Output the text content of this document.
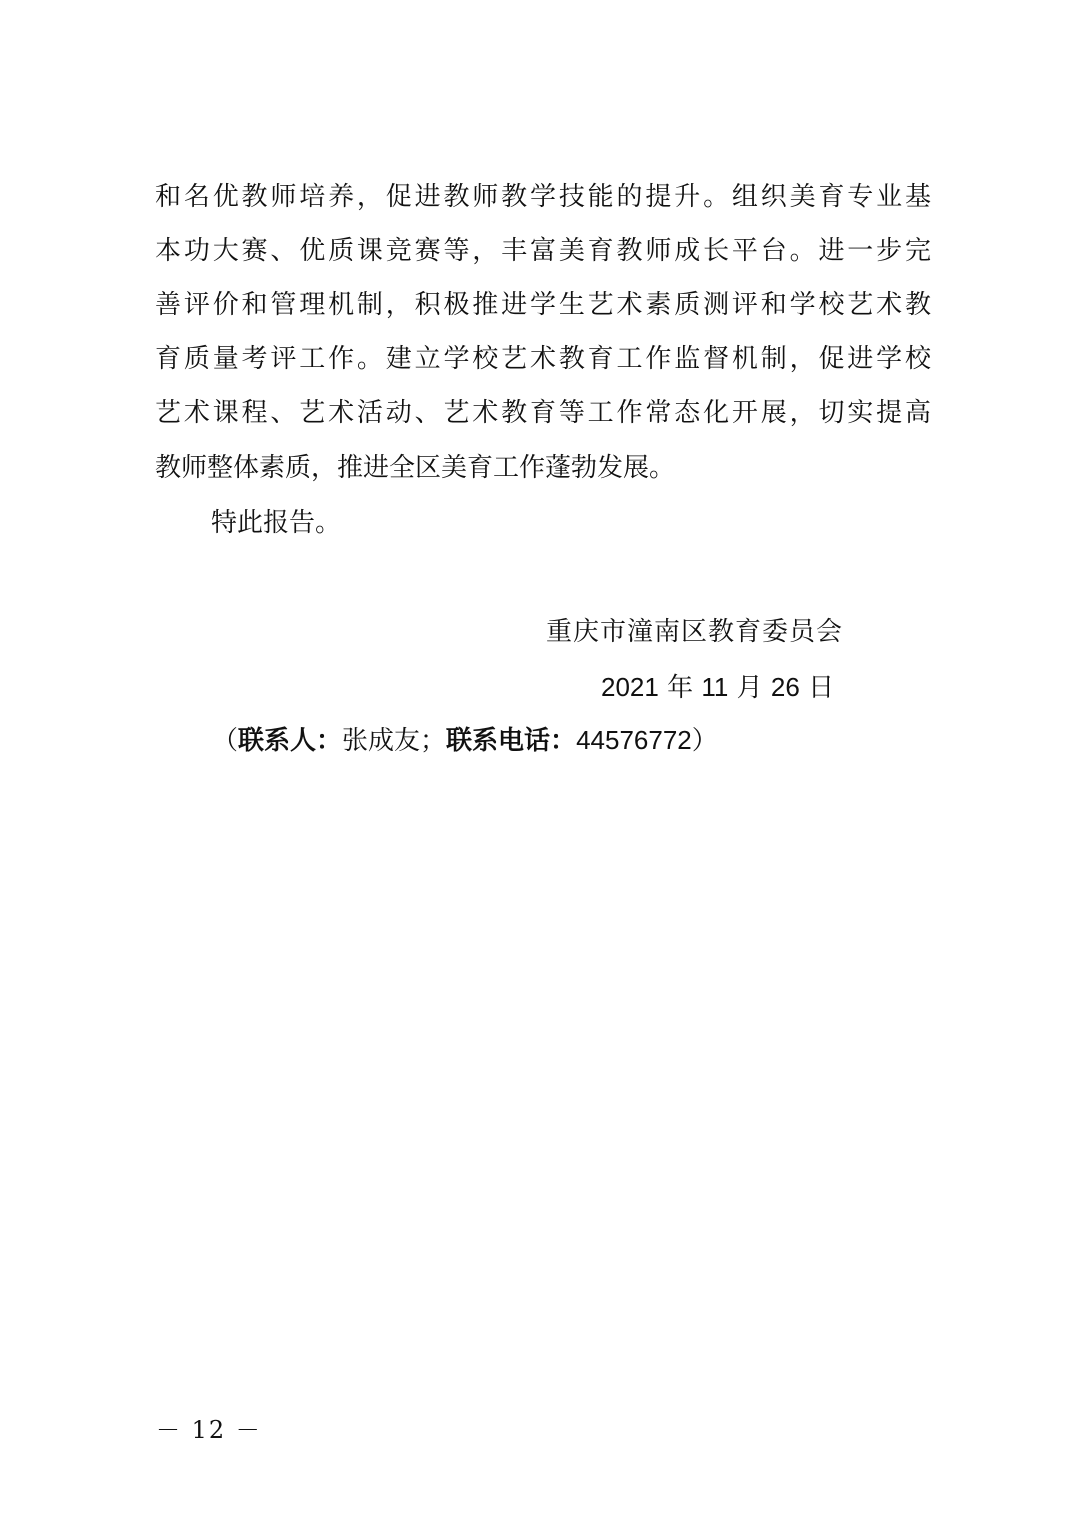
和名优教师培养，促进教师教学技能的提升。组织美育专业基
本功大赛、优质课竞赛等，丰富美育教师成长平台。进一步完
善评价和管理机制，积极推进学生艺术素质测评和学校艺术教
育质量考评工作。建立学校艺术教育工作监督机制，促进学校
艺术课程、艺术活动、艺术教育等工作常态化开展，切实提高
教师整体素质，推进全区美育工作蓬勃发展。
特此报告。
重庆市潼南区教育委员会
2021 年 11 月 26 日
（联系人：张成友；联系电话：44576772）
－ 12 －
